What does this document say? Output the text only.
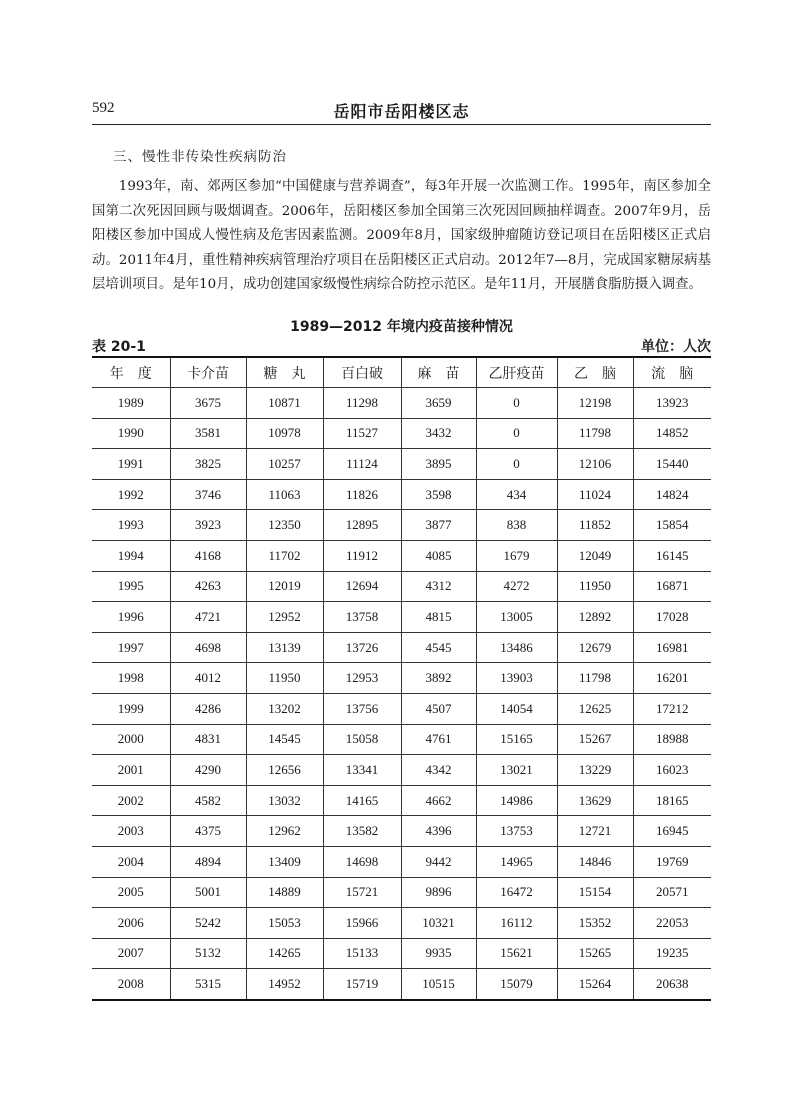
592	岳阳市岳阳楼区志
三、慢性非传染性疾病防治

1993年，南、郊两区参加“中国健康与营养调查”，每3年开展一次监测工作。1995年，南区参加全国第二次死因回顾与吸烟调查。2006年，岳阳楼区参加全国第三次死因回顾抽样调查。2007年9月，岳阳楼区参加中国成人慢性病及危害因素监测。2009年8月，国家级肿瘤随访登记项目在岳阳楼区正式启动。2011年4月，重性精神疾病管理治疗项目在岳阳楼区正式启动。2012年7—8月，完成国家糖尿病基层培训项目。是年10月，成功创建国家级慢性病综合防控示范区。是年11月，开展膳食脂肪摄入调查。

1989—2012 年境内疫苗接种情况
表 20-1	单位：人次
年　度	卡介苗	糖　丸	百白破	麻　苗	乙肝疫苗	乙　脑	流　脑
1989	3675	10871	11298	3659	0	12198	13923
1990	3581	10978	11527	3432	0	11798	14852
1991	3825	10257	11124	3895	0	12106	15440
1992	3746	11063	11826	3598	434	11024	14824
1993	3923	12350	12895	3877	838	11852	15854
1994	4168	11702	11912	4085	1679	12049	16145
1995	4263	12019	12694	4312	4272	11950	16871
1996	4721	12952	13758	4815	13005	12892	17028
1997	4698	13139	13726	4545	13486	12679	16981
1998	4012	11950	12953	3892	13903	11798	16201
1999	4286	13202	13756	4507	14054	12625	17212
2000	4831	14545	15058	4761	15165	15267	18988
2001	4290	12656	13341	4342	13021	13229	16023
2002	4582	13032	14165	4662	14986	13629	18165
2003	4375	12962	13582	4396	13753	12721	16945
2004	4894	13409	14698	9442	14965	14846	19769
2005	5001	14889	15721	9896	16472	15154	20571
2006	5242	15053	15966	10321	16112	15352	22053
2007	5132	14265	15133	9935	15621	15265	19235
2008	5315	14952	15719	10515	15079	15264	20638
